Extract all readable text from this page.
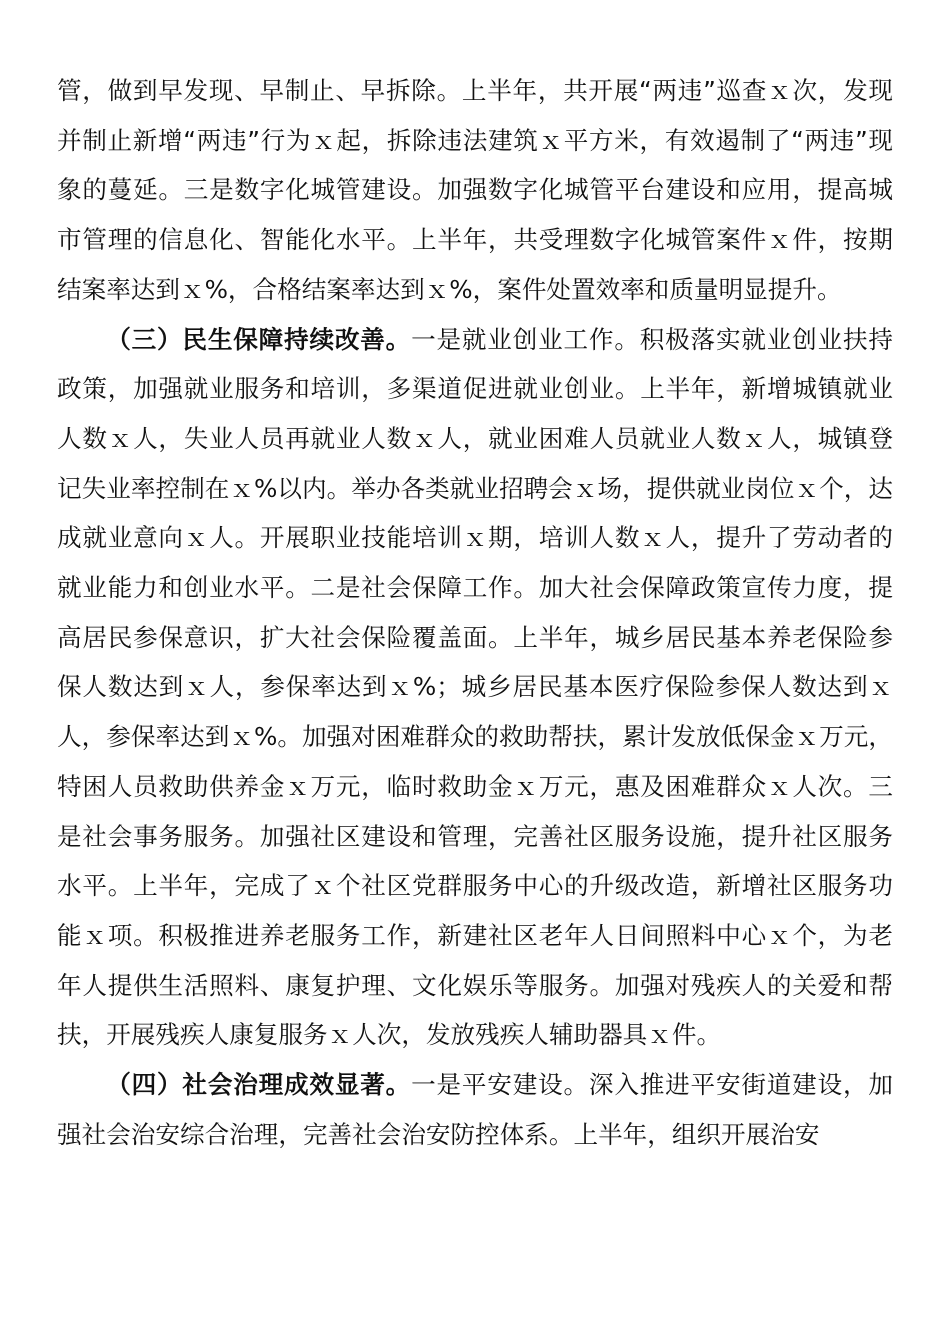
管，做到早发现、早制止、早拆除。上半年，共开展“两违”巡查ｘ次，发现并制止新增“两违”行为ｘ起，拆除违法建筑ｘ平方米，有效遏制了“两违”现象的蔓延。三是数字化城管建设。加强数字化城管平台建设和应用，提高城市管理的信息化、智能化水平。上半年，共受理数字化城管案件ｘ件，按期结案率达到ｘ%，合格结案率达到ｘ%，案件处置效率和质量明显提升。

（三）民生保障持续改善。一是就业创业工作。积极落实就业创业扶持政策，加强就业服务和培训，多渠道促进就业创业。上半年，新增城镇就业人数ｘ人，失业人员再就业人数ｘ人，就业困难人员就业人数ｘ人，城镇登记失业率控制在ｘ%以内。举办各类就业招聘会ｘ场，提供就业岗位ｘ个，达成就业意向ｘ人。开展职业技能培训ｘ期，培训人数ｘ人，提升了劳动者的就业能力和创业水平。二是社会保障工作。加大社会保障政策宣传力度，提高居民参保意识，扩大社会保险覆盖面。上半年，城乡居民基本养老保险参保人数达到ｘ人，参保率达到ｘ%；城乡居民基本医疗保险参保人数达到ｘ人，参保率达到ｘ%。加强对困难群众的救助帮扶，累计发放低保金ｘ万元，特困人员救助供养金ｘ万元，临时救助金ｘ万元，惠及困难群众ｘ人次。三是社会事务服务。加强社区建设和管理，完善社区服务设施，提升社区服务水平。上半年，完成了ｘ个社区党群服务中心的升级改造，新增社区服务功能ｘ项。积极推进养老服务工作，新建社区老年人日间照料中心ｘ个，为老年人提供生活照料、康复护理、文化娱乐等服务。加强对残疾人的关爱和帮扶，开展残疾人康复服务ｘ人次，发放残疾人辅助器具ｘ件。

（四）社会治理成效显著。一是平安建设。深入推进平安街道建设，加强社会治安综合治理，完善社会治安防控体系。上半年，组织开展治安
